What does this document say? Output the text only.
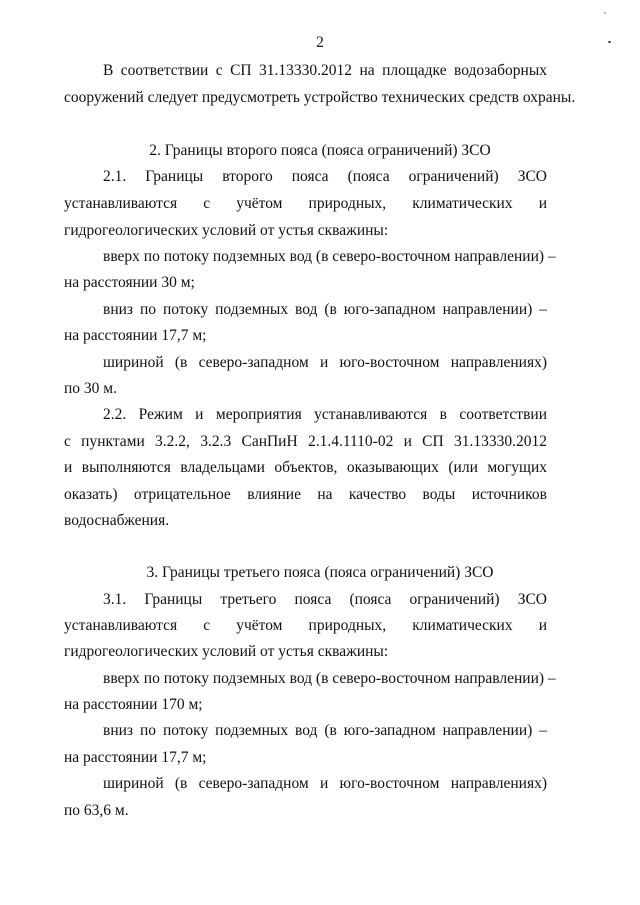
2
В соответствии с СП 31.13330.2012 на площадке водозаборных
сооружений следует предусмотреть устройство технических средств охраны.
2. Границы второго пояса (пояса ограничений) ЗСО
2.1. Границы второго пояса (пояса ограничений) ЗСО
устанавливаются с учётом природных, климатических и
гидрогеологических условий от устья скважины:
вверх по потоку подземных вод (в северо-восточном направлении) –
на расстоянии 30 м;
вниз по потоку подземных вод (в юго-западном направлении) –
на расстоянии 17,7 м;
шириной (в северо-западном и юго-восточном направлениях)
по 30 м.
2.2. Режим и мероприятия устанавливаются в соответствии
с пунктами 3.2.2, 3.2.3 СанПиН 2.1.4.1110-02 и СП 31.13330.2012
и выполняются владельцами объектов, оказывающих (или могущих
оказать) отрицательное влияние на качество воды источников
водоснабжения.
3. Границы третьего пояса (пояса ограничений) ЗСО
3.1. Границы третьего пояса (пояса ограничений) ЗСО
устанавливаются с учётом природных, климатических и
гидрогеологических условий от устья скважины:
вверх по потоку подземных вод (в северо-восточном направлении) –
на расстоянии 170 м;
вниз по потоку подземных вод (в юго-западном направлении) –
на расстоянии 17,7 м;
шириной (в северо-западном и юго-восточном направлениях)
по 63,6 м.
